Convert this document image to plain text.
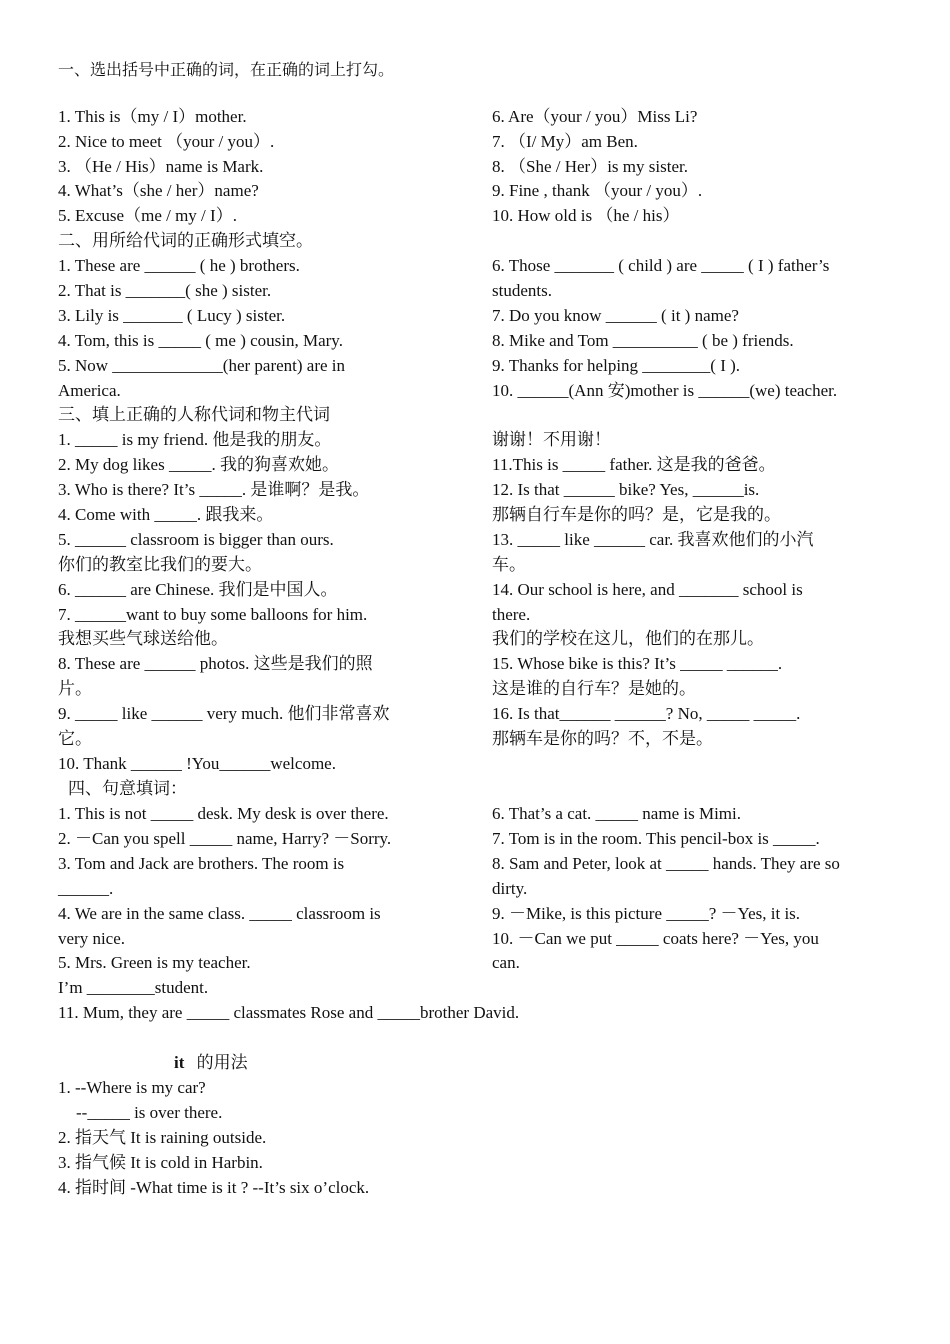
一、选出括号中正确的词，在正确的词上打勾。
1. This is（my / I）mother.
2. Nice to meet （your / you）.
3. （He / His）name is Mark.
4. What’s（she / her）name?
5. Excuse（me / my / I）.
6. Are（your / you）Miss Li?
7. （I/ My）am Ben.
8. （She / Her）is my sister.
9. Fine , thank （your / you）.
10. How old is （he / his）
二、用所给代词的正确形式填空。
1. These are ______ ( he ) brothers.
2. That is _______( she ) sister.
3. Lily is _______ ( Lucy ) sister.
4. Tom, this is _____ ( me ) cousin, Mary.
5. Now _____________(her parent) are in
America.
6. Those _______ ( child ) are _____ ( I ) father’s
students.
7. Do you know ______ ( it ) name?
8. Mike and Tom __________ ( be ) friends.
9. Thanks for helping ________( I ).
10. ______(Ann 安)mother is ______(we) teacher.
三、填上正确的人称代词和物主代词
1. _____ is my friend. 他是我的朋友。
2. My dog likes _____. 我的狗喜欢她。
3. Who is there? It’s _____. 是谁啊？是我。
4. Come with _____. 跟我来。
5. ______ classroom is bigger than ours.
你们的教室比我们的要大。
6. ______ are Chinese. 我们是中国人。
7. ______want to buy some balloons for him.
我想买些气球送给他。
8. These are ______ photos. 这些是我们的照
片。
9. _____ like ______ very much. 他们非常喜欢
它。
10. Thank ______ !You______welcome.
谢谢！不用谢！
11.This is _____ father. 这是我的爸爸。
12. Is that ______ bike? Yes, ______is.
那辆自行车是你的吗？是，它是我的。
13. _____ like ______ car. 我喜欢他们的小汽
车。
14. Our school is here, and _______ school is
there.
我们的学校在这儿，他们的在那儿。
15. Whose bike is this? It’s _____ ______.
这是谁的自行车？是她的。
16. Is that______ ______? No, _____ _____.
那辆车是你的吗？不，不是。
四、句意填词：
1. This is not _____ desk. My desk is over there.
2. －Can you spell _____ name, Harry? －Sorry.
3. Tom and Jack are brothers. The room is
______.
4. We are in the same class. _____ classroom is
very nice.
5. Mrs. Green is my teacher.
I’m ________student.
6. That’s a cat. _____ name is Mimi.
7. Tom is in the room. This pencil-box is _____.
8. Sam and Peter, look at _____ hands. They are so
dirty.
9. －Mike, is this picture _____? －Yes, it is.
10. －Can we put _____ coats here? －Yes, you
can.
11. Mum, they are _____ classmates Rose and _____brother David.
it 的用法
1. --Where is my car?
--_____ is over there.
2. 指天气 It is raining outside.
3. 指气候 It is cold in Harbin.
4. 指时间 -What time is it ? --It’s six o’clock.
